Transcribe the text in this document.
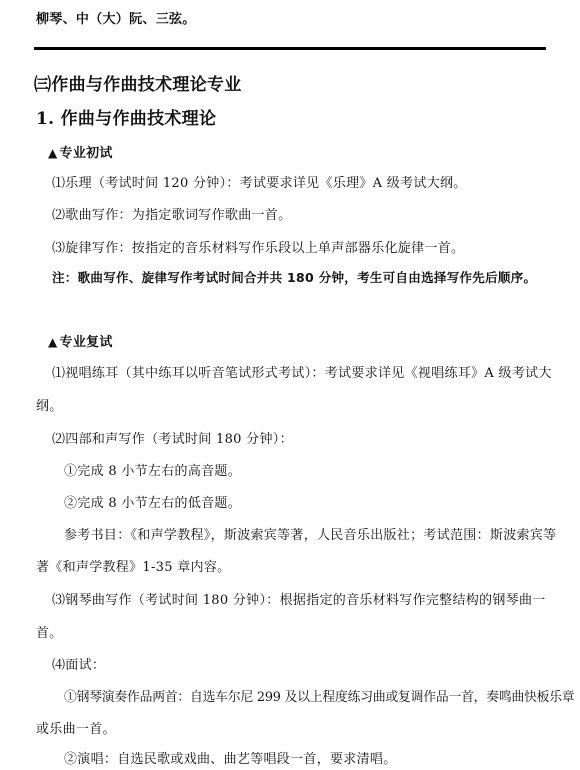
柳琴、中（大）阮、三弦。
㈢作曲与作曲技术理论专业
1. 作曲与作曲技术理论
▲ 专业初试
⑴乐理（考试时间 120 分钟）：考试要求详见《乐理》A 级考试大纲。
⑵歌曲写作：为指定歌词写作歌曲一首。
⑶旋律写作：按指定的音乐材料写作乐段以上单声部器乐化旋律一首。
注：歌曲写作、旋律写作考试时间合并共 180 分钟，考生可自由选择写作先后顺序。
▲ 专业复试
⑴视唱练耳（其中练耳以听音笔试形式考试）：考试要求详见《视唱练耳》A 级考试大
纲。
⑵四部和声写作（考试时间 180 分钟）：
①完成 8 小节左右的高音题。
②完成 8 小节左右的低音题。
参考书目：《和声学教程》，斯波索宾等著，人民音乐出版社；考试范围：斯波索宾等
著《和声学教程》1-35 章内容。
⑶钢琴曲写作（考试时间 180 分钟）：根据指定的音乐材料写作完整结构的钢琴曲一
首。
⑷面试：
①钢琴演奏作品两首：自选车尔尼 299 及以上程度练习曲或复调作品一首，奏鸣曲快板乐章
或乐曲一首。
②演唱：自选民歌或戏曲、曲艺等唱段一首，要求清唱。
